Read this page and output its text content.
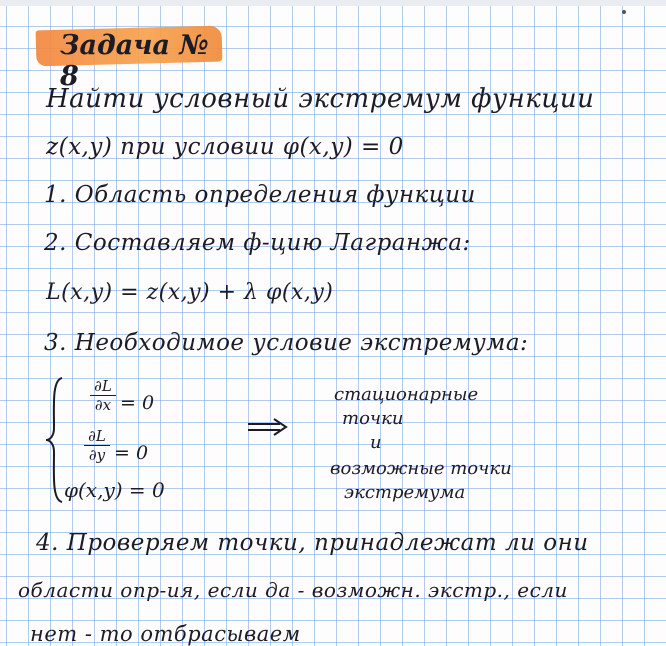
Задача № 8
Найти условный экстремум функции
z(x,y) при условии φ(x,y) = 0
1. Область определения функции
2. Составляем ф-цию Лагранжа:
L(x,y) = z(x,y) + λ φ(x,y)
3. Необходимое условие экстремума:
∂L
∂x = 0
∂L
∂y = 0
φ(x,y) = 0
стационарные
точки
и
возможные точки
экстремума
4. Проверяем точки, принадлежат ли они
области опр-ия, если да - возможн. экстр., если
нет - то отбрасываем
